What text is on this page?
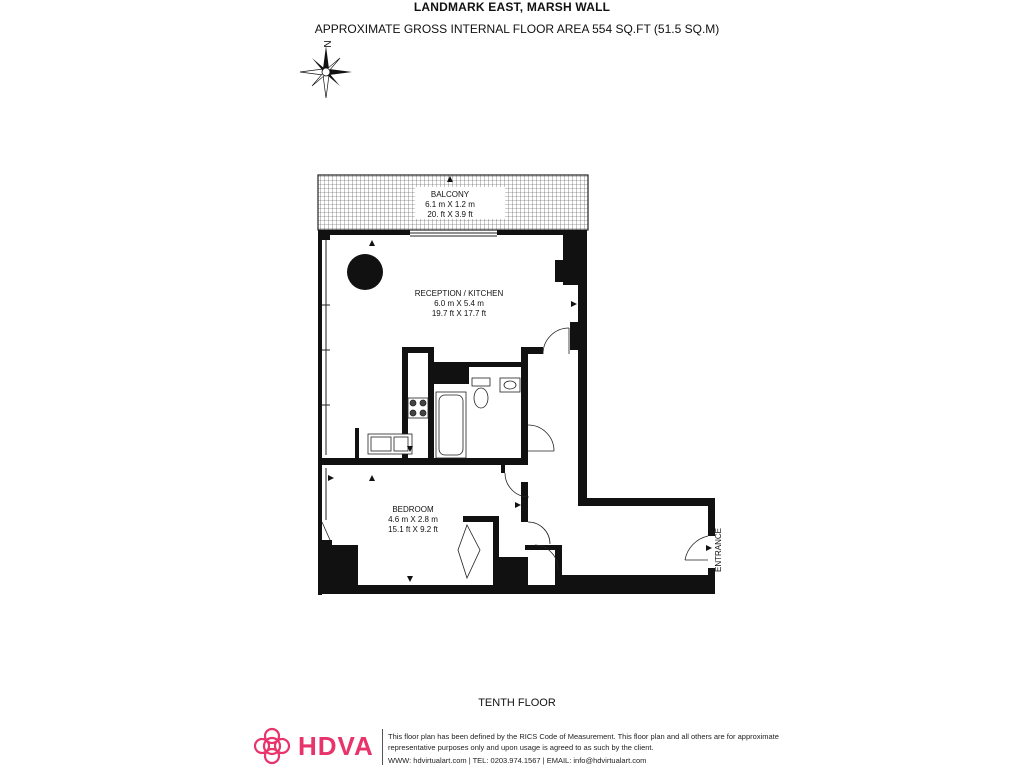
LANDMARK EAST, MARSH WALL
APPROXIMATE GROSS INTERNAL FLOOR AREA 554 SQ.FT (51.5 SQ.M)
N
BALCONY
6.1 m X 1.2 m
20. ft X 3.9 ft
RECEPTION / KITCHEN
6.0 m X 5.4 m
19.7 ft X 17.7 ft
BEDROOM
4.6 m X 2.8 m
15.1 ft X 9.2 ft	ENTRANCE
TENTH FLOOR
HDVA This floor plan has been defined by the RICS Code of Measurement. This floor plan and all others are for approximate
representative purposes only and upon usage is agreed to as such by the client.
WWW: hdvirtualart.com | TEL: 0203.974.1567 | EMAIL: info@hdvirtualart.com
